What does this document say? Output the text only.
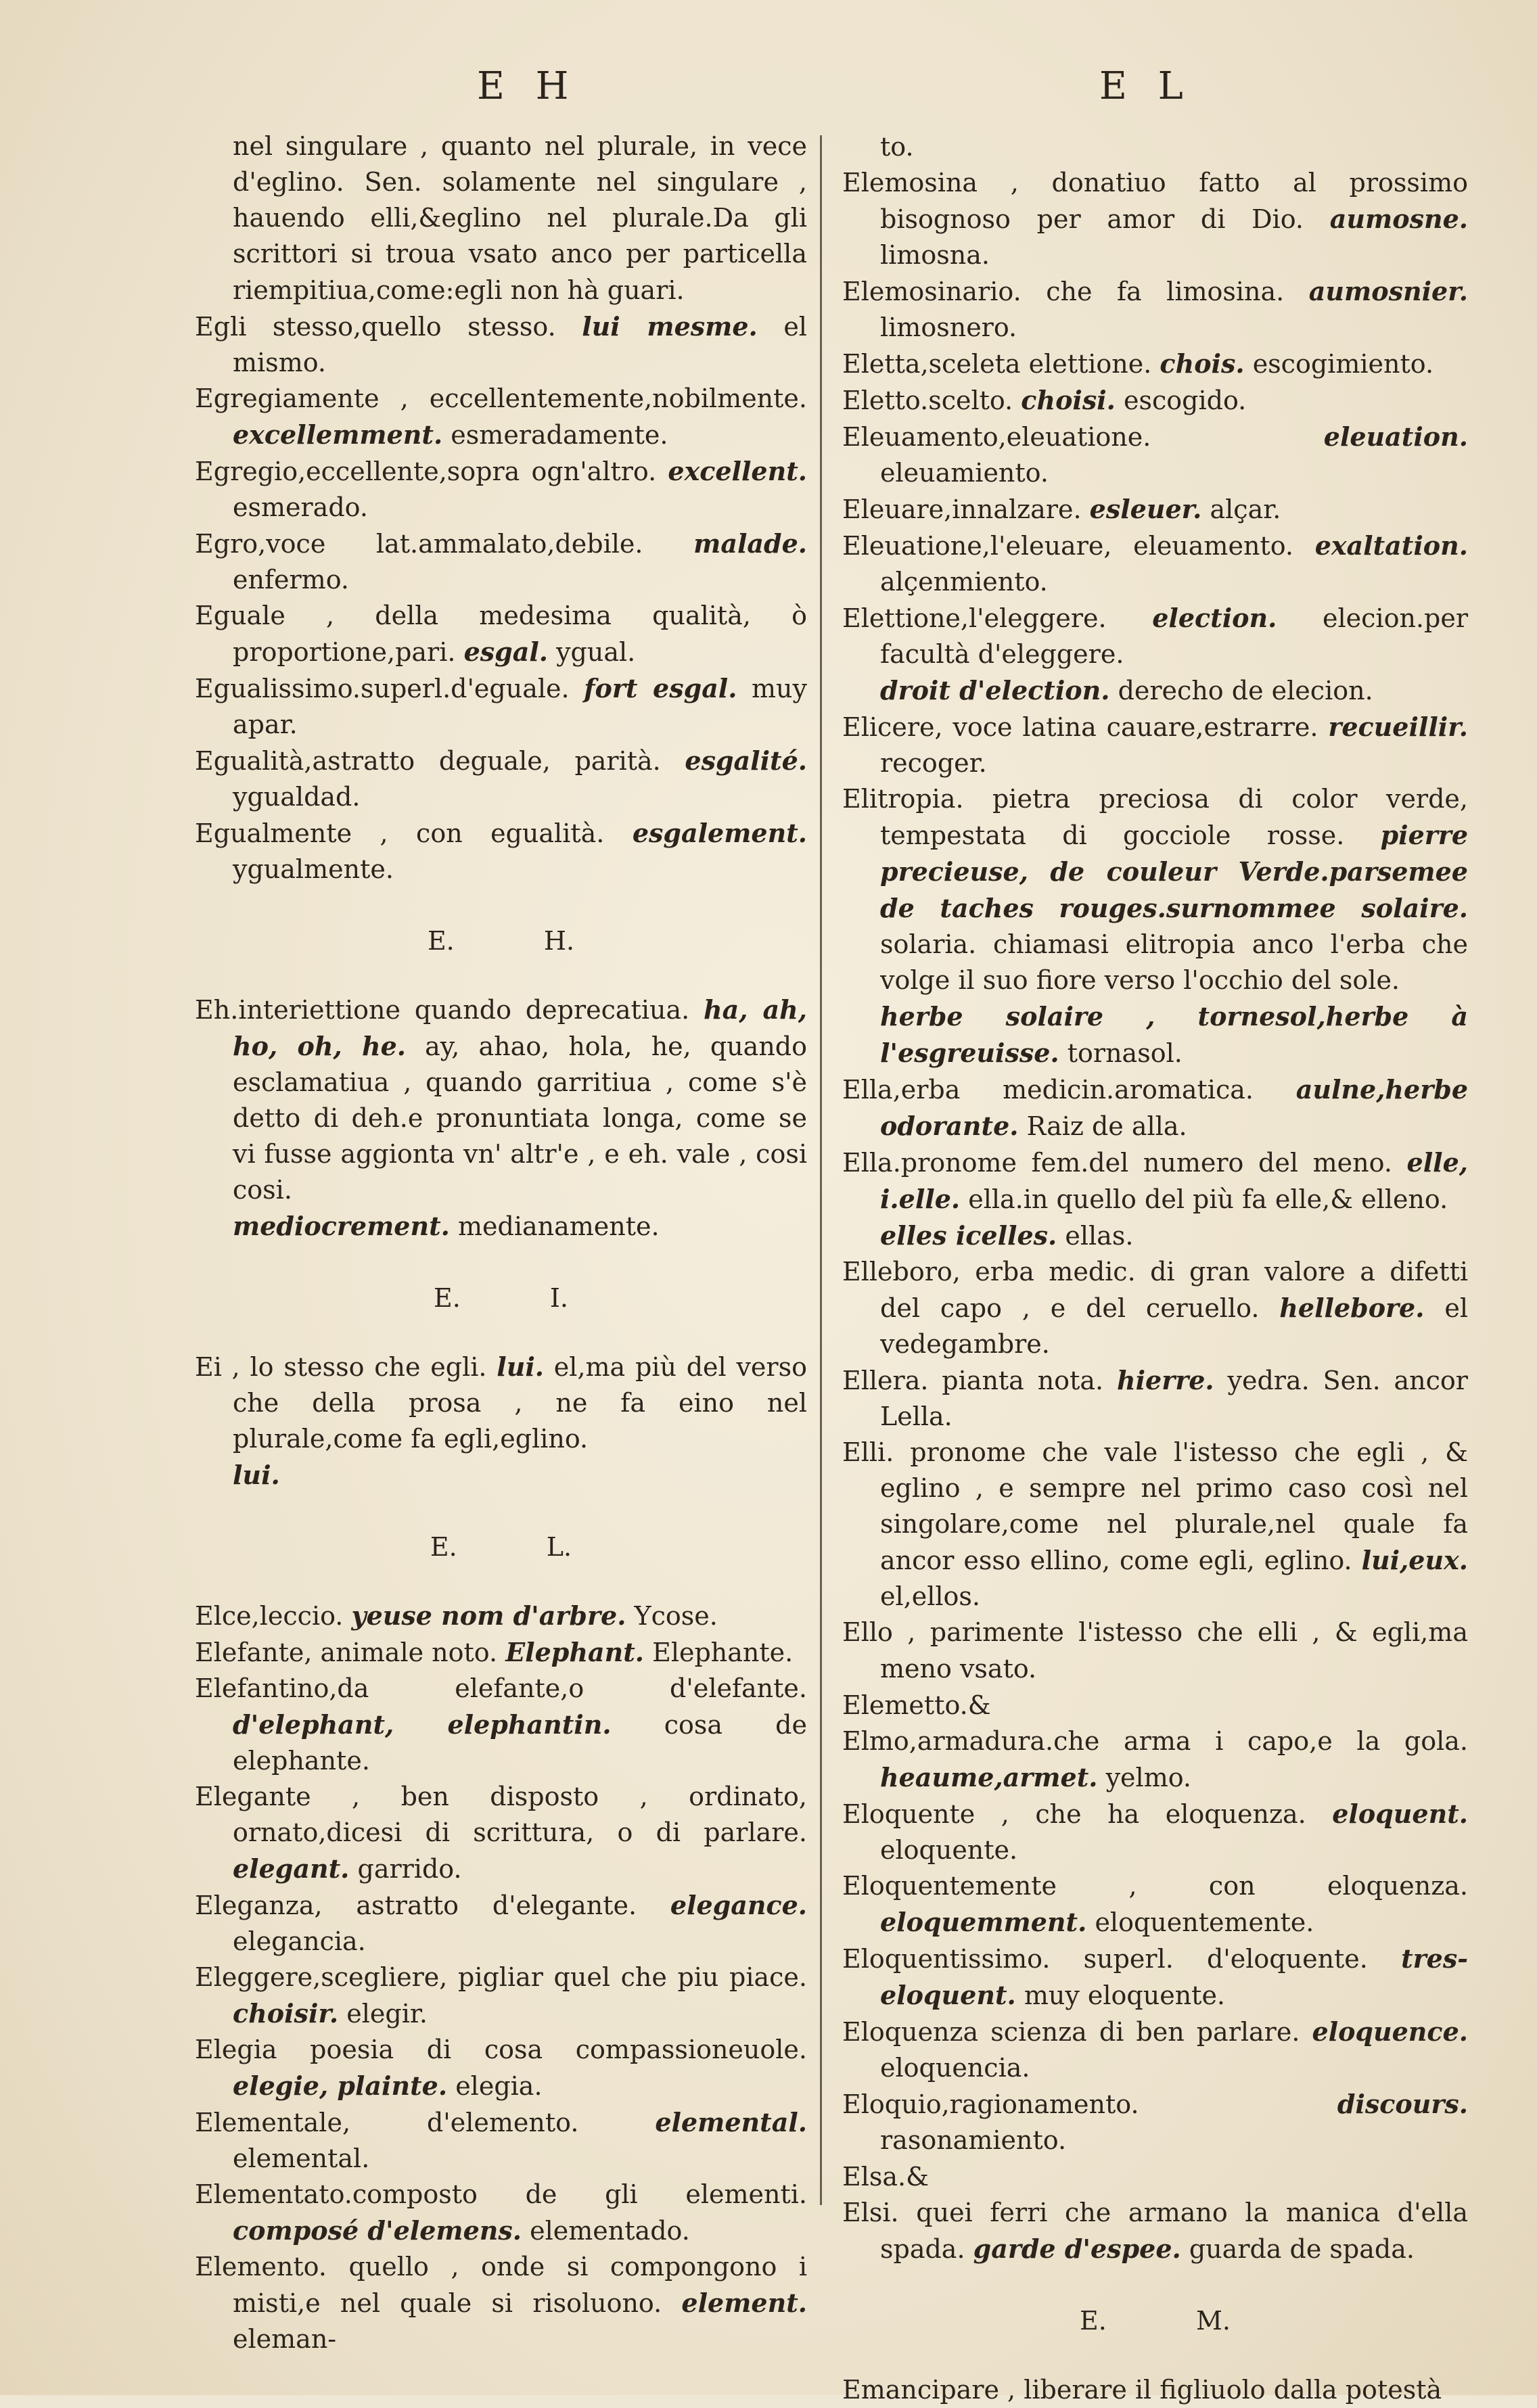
E H	E L

nel singulare , quanto nel plurale, in vece d'eglino. Sen. solamente nel singulare , hauendo elli,&eglino nel plurale.Da gli scrittori si troua vsato anco per particella riempitiua,come:egli non hà guari.

Egli stesso,quello stesso. lui mesme. el mismo.

Egregiamente , eccellentemente,nobilmente. excellemment. esmeradamente.

Egregio,eccellente,sopra ogn'altro. excellent. esmerado.

Egro,voce lat.ammalato,debile. malade. enfermo.

Eguale , della medesima qualità, ò proportione,pari. esgal. ygual.

Egualissimo.superl.d'eguale. fort esgal. muy apar.

Egualità,astratto deguale, parità. esgalité. ygualdad.

Egualmente , con egualità. esgalement. ygualmente.

E. H.

Eh.interiettione quando deprecatiua. ha, ah, ho, oh, he. ay, ahao, hola, he, quando esclamatiua , quando garritiua , come s'è detto di deh.e pronuntiata longa, come se vi fusse aggionta vn' altr'e , e eh. vale , cosi cosi.

mediocrement. medianamente.

E. I.

Ei , lo stesso che egli. lui. el,ma più del verso che della prosa , ne fa eino nel plurale,come fa egli,eglino.

lui.

E. L.

Elce,leccio. yeuse nom d'arbre. Ycose.

Elefante, animale noto. Elephant. Elephante.

Elefantino,da elefante,o d'elefante. d'elephant, elephantin. cosa de elephante.

Elegante , ben disposto , ordinato, ornato,dicesi di scrittura, o di parlare. elegant. garrido.

Eleganza, astratto d'elegante. elegance. elegancia.

Eleggere,scegliere, pigliar quel che piu piace. choisir. elegir.

Elegia poesia di cosa compassioneuole. elegie, plainte. elegia.

Elementale, d'elemento.	elemental. elemental.

Elementato.composto de gli elementi. composé d'elemens. elementado.

Elemento. quello , onde si compongono i misti,e nel quale si risoluono. element. eleman-

to.

Elemosina , donatiuo fatto al prossimo bisognoso per amor di Dio. aumosne. limosna.

Elemosinario. che fa limosina. aumosnier. limosnero.

Eletta,sceleta elettione. chois. escogimiento.

Eletto.scelto. choisi. escogido.

Eleuamento,eleuatione.	eleuation. eleuamiento.

Eleuare,innalzare. esleuer. alçar.

Eleuatione,l'eleuare, eleuamento. exaltation. alçenmiento.

Elettione,l'eleggere. election. elecion.per facultà d'eleggere.

droit d'election. derecho de elecion.

Elicere, voce latina cauare,estrarre. recueillir. recoger.

Elitropia. pietra preciosa di color verde, tempestata di gocciole rosse. pierre precieuse, de couleur Verde.parsemee de taches rouges.surnommee solaire. solaria. chiamasi elitropia anco l'erba che volge il suo fiore verso l'occhio del sole.

herbe solaire , tornesol,herbe à l'esgreuisse. tornasol.

Ella,erba medicin.aromatica. aulne,herbe odorante. Raiz de alla.

Ella.pronome fem.del numero del meno. elle, i.elle. ella.in quello del più fa elle,& elleno.

elles icelles. ellas.

Elleboro, erba medic. di gran valore a difetti del capo , e del ceruello. hellebore. el vedegambre.

Ellera. pianta nota. hierre. yedra. Sen. ancor Lella.

Elli. pronome che vale l'istesso che egli , & eglino , e sempre nel primo caso così nel singolare,come nel plurale,nel quale fa ancor esso ellino, come egli, eglino. lui,eux. el,ellos.

Ello , parimente l'istesso che elli , & egli,ma meno vsato.

Elemetto.&

Elmo,armadura.che arma i capo,e la gola. heaume,armet. yelmo.

Eloquente , che ha eloquenza. eloquent. eloquente.

Eloquentemente , con eloquenza. eloquemment. eloquentemente.

Eloquentissimo. superl. d'eloquente. tres-eloquent. muy eloquente.

Eloquenza scienza di ben parlare. eloquence. eloquencia.

Eloquio,ragionamento.	discours. rasonamiento.

Elsa.&

Elsi. quei ferri che armano la manica d'ella spada. garde d'espee. guarda de spada.

E. M.

Emancipare , liberare il figliuolo dalla potestà
